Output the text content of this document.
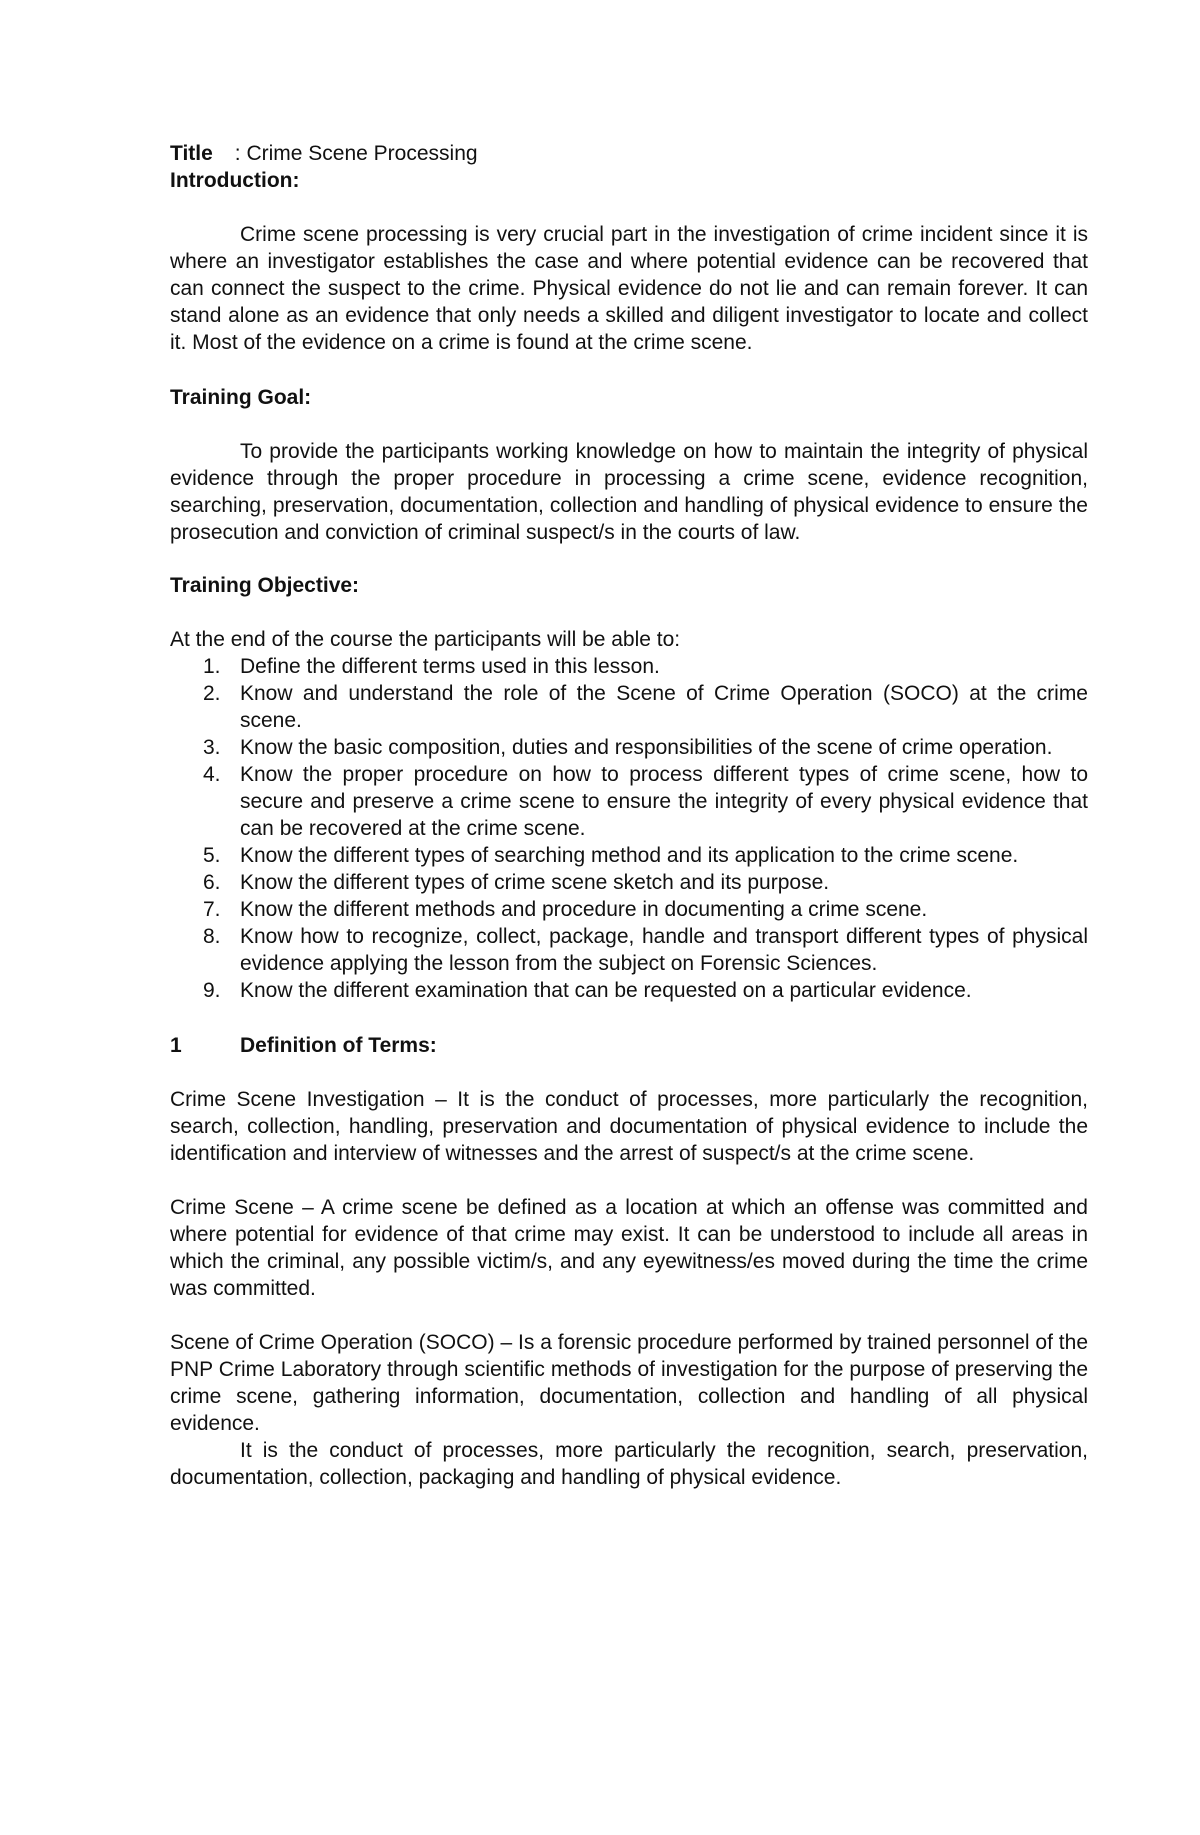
Title : Crime Scene Processing
Introduction:

Crime scene processing is very crucial part in the investigation of crime incident since it is where an investigator establishes the case and where potential evidence can be recovered that can connect the suspect to the crime. Physical evidence do not lie and can remain forever. It can stand alone as an evidence that only needs a skilled and diligent investigator to locate and collect it. Most of the evidence on a crime is found at the crime scene.

Training Goal:

To provide the participants working knowledge on how to maintain the integrity of physical evidence through the proper procedure in processing a crime scene, evidence recognition, searching, preservation, documentation, collection and handling of physical evidence to ensure the prosecution and conviction of criminal suspect/s in the courts of law.

Training Objective:

At the end of the course the participants will be able to:

1. Define the different terms used in this lesson.
2. Know and understand the role of the Scene of Crime Operation (SOCO) at the crime scene.
3. Know the basic composition, duties and responsibilities of the scene of crime operation.
4. Know the proper procedure on how to process different types of crime scene, how to secure and preserve a crime scene to ensure the integrity of every physical evidence that can be recovered at the crime scene.
5. Know the different types of searching method and its application to the crime scene.
6. Know the different types of crime scene sketch and its purpose.
7. Know the different methods and procedure in documenting a crime scene.
8. Know how to recognize, collect, package, handle and transport different types of physical evidence applying the lesson from the subject on Forensic Sciences.
9. Know the different examination that can be requested on a particular evidence.
1	Definition of Terms:

Crime Scene Investigation – It is the conduct of processes, more particularly the recognition, search, collection, handling, preservation and documentation of physical evidence to include the identification and interview of witnesses and the arrest of suspect/s at the crime scene.

Crime Scene – A crime scene be defined as a location at which an offense was committed and where potential for evidence of that crime may exist. It can be understood to include all areas in which the criminal, any possible victim/s, and any eyewitness/es moved during the time the crime was committed.

Scene of Crime Operation (SOCO) – Is a forensic procedure performed by trained personnel of the PNP Crime Laboratory through scientific methods of investigation for the purpose of preserving the crime scene, gathering information, documentation, collection and handling of all physical evidence.

It is the conduct of processes, more particularly the recognition, search, preservation, documentation, collection, packaging and handling of physical evidence.
